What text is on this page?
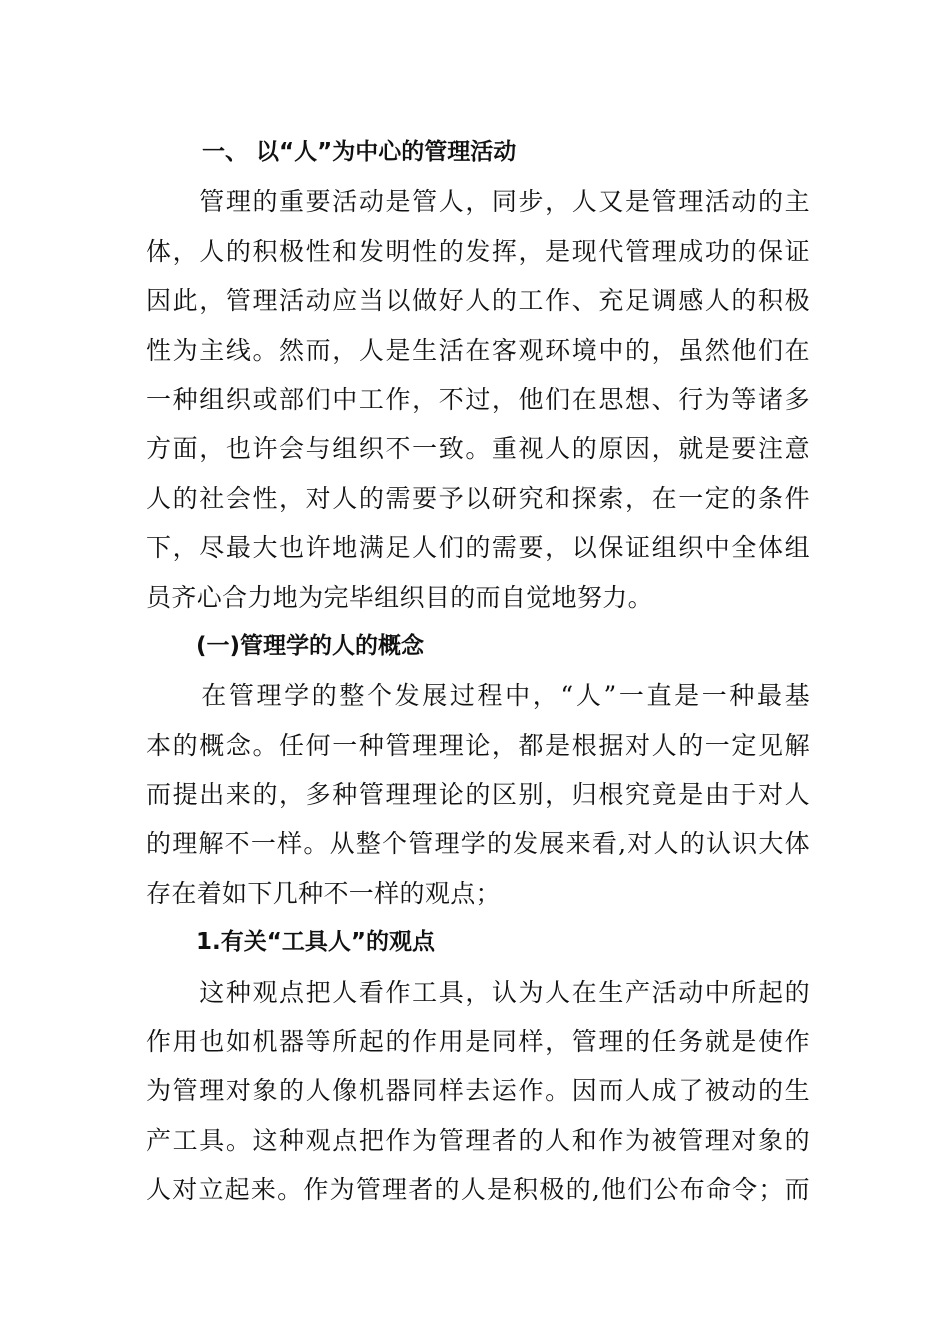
一、 以“人”为中心的管理活动
　　管理的重要活动是管人，同步，人又是管理活动的主
体，人的积极性和发明性的发挥，是现代管理成功的保证
因此，管理活动应当以做好人的工作、充足调感人的积极
性为主线。然而，人是生活在客观环境中的，虽然他们在
一种组织或部们中工作，不过，他们在思想、行为等诸多
方面，也许会与组织不一致。重视人的原因，就是要注意
人的社会性，对人的需要予以研究和探索，在一定的条件
下，尽最大也许地满足人们的需要，以保证组织中全体组
员齐心合力地为完毕组织目的而自觉地努力。
(一)管理学的人的概念
　　在管理学的整个发展过程中，“人”一直是一种最基
本的概念。任何一种管理理论，都是根据对人的一定见解
而提出来的，多种管理理论的区别，归根究竟是由于对人
的理解不一样。从整个管理学的发展来看,对人的认识大体
存在着如下几种不一样的观点；
1.有关“工具人”的观点
　　这种观点把人看作工具，认为人在生产活动中所起的
作用也如机器等所起的作用是同样，管理的任务就是使作
为管理对象的人像机器同样去运作。因而人成了被动的生
产工具。这种观点把作为管理者的人和作为被管理对象的
人对立起来。作为管理者的人是积极的,他们公布命令；而
